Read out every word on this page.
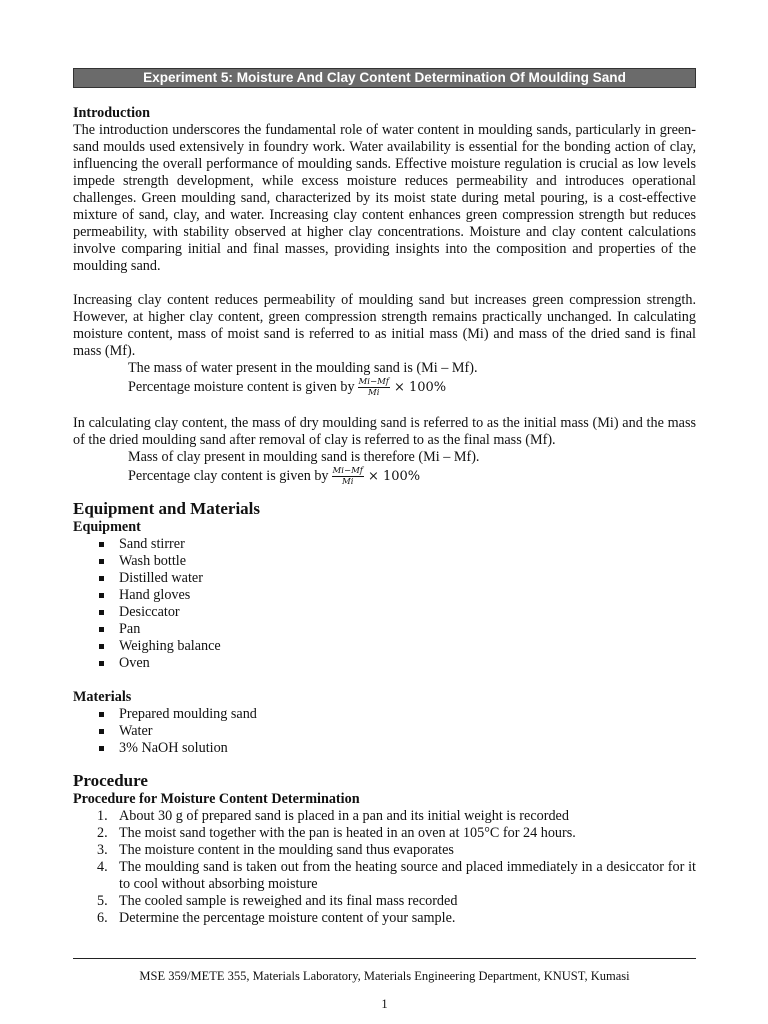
Experiment 5: Moisture And Clay Content Determination Of Moulding Sand
Introduction

The introduction underscores the fundamental role of water content in moulding sands, particularly in green-sand moulds used extensively in foundry work. Water availability is essential for the bonding action of clay, influencing the overall performance of moulding sands. Effective moisture regulation is crucial as low levels impede strength development, while excess moisture reduces permeability and introduces operational challenges. Green moulding sand, characterized by its moist state during metal pouring, is a cost-effective mixture of sand, clay, and water. Increasing clay content enhances green compression strength but reduces permeability, with stability observed at higher clay concentrations. Moisture and clay content calculations involve comparing initial and final masses, providing insights into the composition and properties of the moulding sand.

Increasing clay content reduces permeability of moulding sand but increases green compression strength. However, at higher clay content, green compression strength remains practically unchanged. In calculating moisture content, mass of moist sand is referred to as initial mass (Mi) and mass of the dried sand is final mass (Mf).

The mass of water present in the moulding sand is (Mi – Mf).
Percentage moisture content is given by $\frac{Mi-Mf}{Mi} \times 100\%$

In calculating clay content, the mass of dry moulding sand is referred to as the initial mass (Mi) and the mass of the dried moulding sand after removal of clay is referred to as the final mass (Mf).

Mass of clay present in moulding sand is therefore (Mi – Mf).
Percentage clay content is given by $\frac{Mi-Mf}{Mi} \times 100\%$
Equipment and Materials
Equipment
Sand stirrer
Wash bottle
Distilled water
Hand gloves
Desiccator
Pan
Weighing balance
Oven
Materials
Prepared moulding sand
Water
3% NaOH solution
Procedure
Procedure for Moisture Content Determination
1. About 30 g of prepared sand is placed in a pan and its initial weight is recorded
2. The moist sand together with the pan is heated in an oven at 105°C for 24 hours.
3. The moisture content in the moulding sand thus evaporates
4. The moulding sand is taken out from the heating source and placed immediately in a desiccator for it to cool without absorbing moisture
5. The cooled sample is reweighed and its final mass recorded
6. Determine the percentage moisture content of your sample.
MSE 359/METE 355, Materials Laboratory, Materials Engineering Department, KNUST, Kumasi
1
